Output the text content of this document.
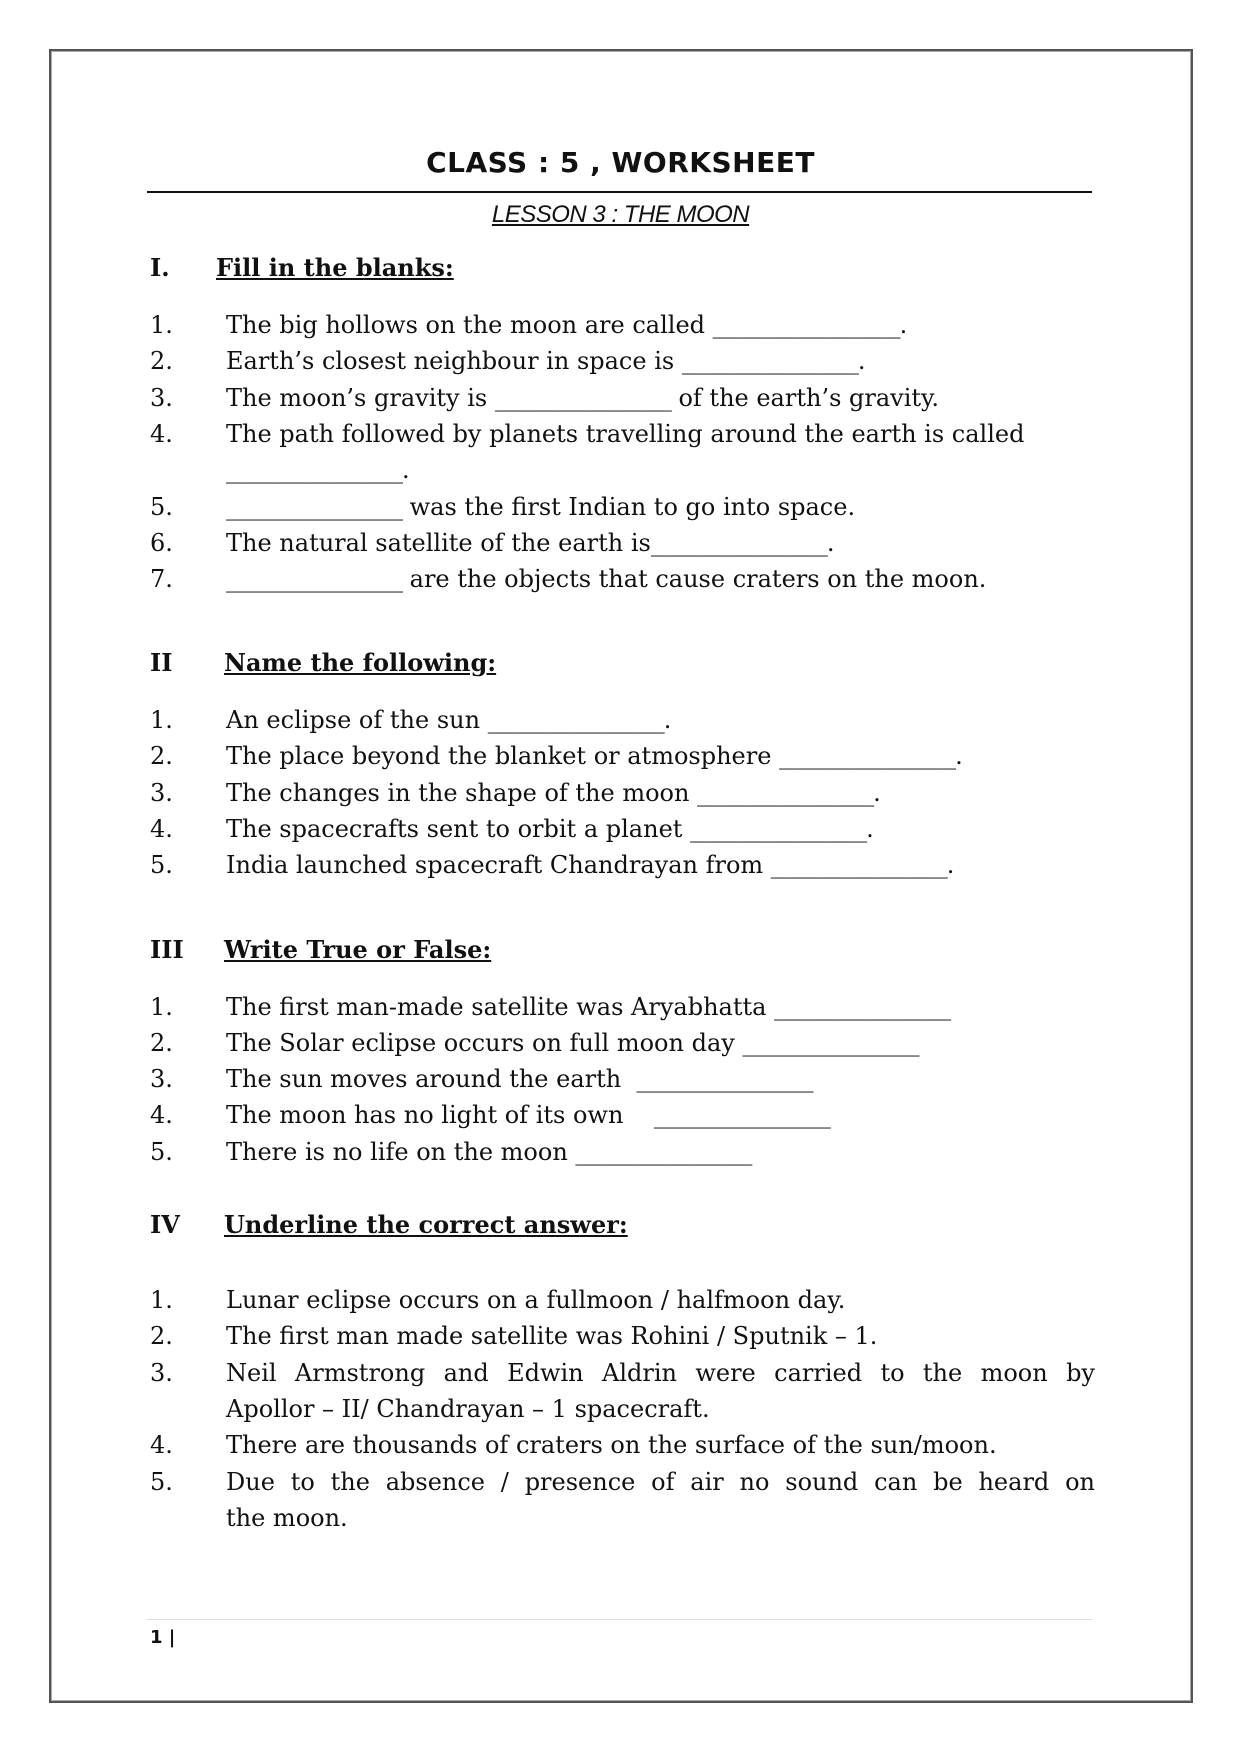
CLASS : 5 , WORKSHEET
LESSON 3 : THE MOON
I. Fill in the blanks:
1. The big hollows on the moon are called _________________.
2. Earth’s closest neighbour in space is ________________.
3. The moon’s gravity is ________________ of the earth’s gravity.
4. The path followed by planets travelling around the earth is called
________________.
5. ________________ was the first Indian to go into space.
6. The natural satellite of the earth is________________.
7. ________________ are the objects that cause craters on the moon.
II Name the following:
1. An eclipse of the sun ________________.
2. The place beyond the blanket or atmosphere ________________.
3. The changes in the shape of the moon ________________.
4. The spacecrafts sent to orbit a planet ________________.
5. India launched spacecraft Chandrayan from ________________.
III Write True or False:
1. The first man-made satellite was Aryabhatta ________________
2. The Solar eclipse occurs on full moon day ________________
3. The sun moves around the earth  ________________
4. The moon has no light of its own    ________________
5. There is no life on the moon ________________
IV Underline the correct answer:
1. Lunar eclipse occurs on a fullmoon / halfmoon day.
2. The first man made satellite was Rohini / Sputnik – 1.
3. Neil Armstrong and Edwin Aldrin were carried to the moon by
Apollor – II/ Chandrayan – 1 spacecraft.
4. There are thousands of craters on the surface of the sun/moon.
5. Due to the absence / presence of air no sound can be heard on
the moon.
1 |
